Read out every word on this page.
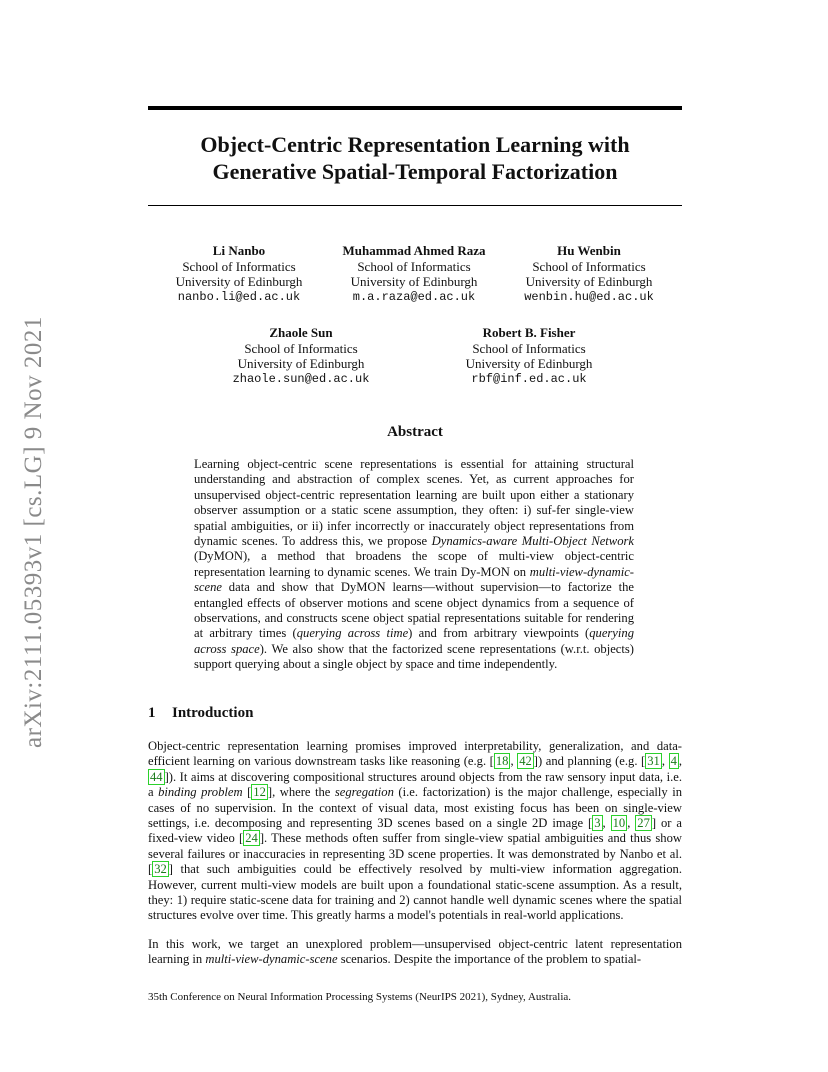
arXiv:2111.05393v1 [cs.LG] 9 Nov 2021
Object-Centric Representation Learning with
Generative Spatial-Temporal Factorization
Li Nanbo
School of Informatics
University of Edinburgh
nanbo.li@ed.ac.uk
Muhammad Ahmed Raza
School of Informatics
University of Edinburgh
m.a.raza@ed.ac.uk
Hu Wenbin
School of Informatics
University of Edinburgh
wenbin.hu@ed.ac.uk
Zhaole Sun
School of Informatics
University of Edinburgh
zhaole.sun@ed.ac.uk
Robert B. Fisher
School of Informatics
University of Edinburgh
rbf@inf.ed.ac.uk
Abstract

Learning object-centric scene representations is essential for attaining structural understanding and abstraction of complex scenes. Yet, as current approaches for unsupervised object-centric representation learning are built upon either a stationary observer assumption or a static scene assumption, they often: i) suf-fer single-view spatial ambiguities, or ii) infer incorrectly or inaccurately object representations from dynamic scenes. To address this, we propose Dynamics-aware Multi-Object Network (DyMON), a method that broadens the scope of multi-view object-centric representation learning to dynamic scenes. We train Dy-MON on multi-view-dynamic-scene data and show that DyMON learns—without supervision—to factorize the entangled effects of observer motions and scene object dynamics from a sequence of observations, and constructs scene object spatial representations suitable for rendering at arbitrary times (querying across time) and from arbitrary viewpoints (querying across space). We also show that the factorized scene representations (w.r.t. objects) support querying about a single object by space and time independently.

1 Introduction

Object-centric representation learning promises improved interpretability, generalization, and data-efficient learning on various downstream tasks like reasoning (e.g. [ 18 , 42 ]) and planning (e.g. [ 31 , 4 , 44 ]). It aims at discovering compositional structures around objects from the raw sensory input data, i.e. a binding problem [ 12 ], where the segregation (i.e. factorization) is the major challenge, especially in cases of no supervision. In the context of visual data, most existing focus has been on single-view settings, i.e. decomposing and representing 3D scenes based on a single 2D image [ 3 , 10 , 27 ] or a fixed-view video [ 24 ]. These methods often suffer from single-view spatial ambiguities and thus show several failures or inaccuracies in representing 3D scene properties. It was demonstrated by Nanbo et al. [ 32 ] that such ambiguities could be effectively resolved by multi-view information aggregation. However, current multi-view models are built upon a foundational static-scene assumption. As a result, they: 1) require static-scene data for training and 2) cannot handle well dynamic scenes where the spatial structures evolve over time. This greatly harms a model's potentials in real-world applications.

In this work, we target an unexplored problem—unsupervised object-centric latent representation learning in multi-view-dynamic-scene scenarios. Despite the importance of the problem to spatial-

35th Conference on Neural Information Processing Systems (NeurIPS 2021), Sydney, Australia.
